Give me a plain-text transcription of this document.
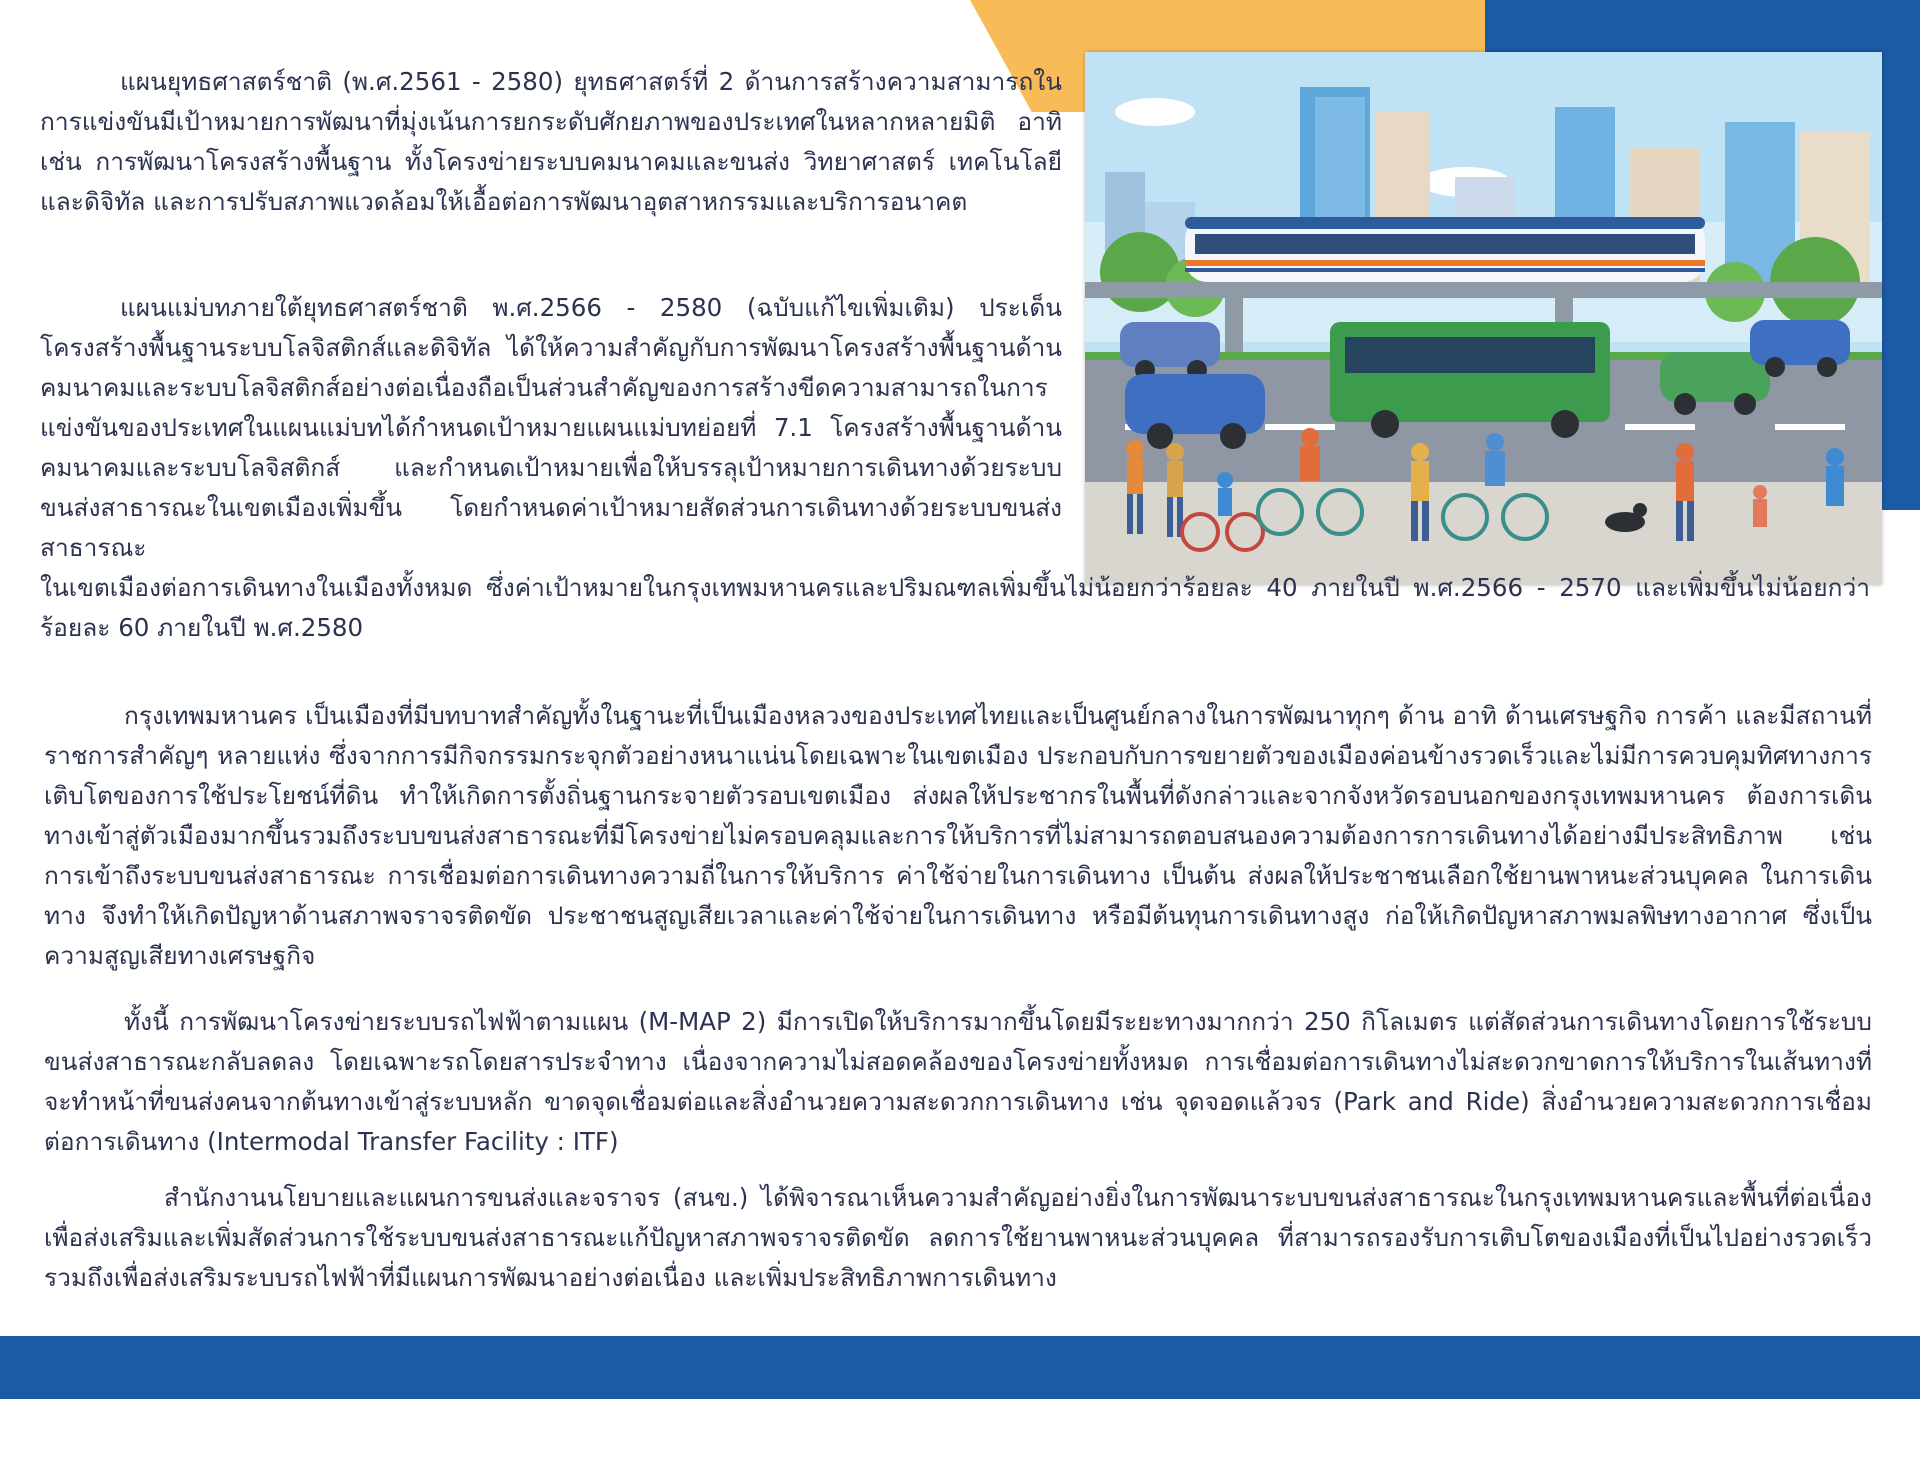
แผนยุทธศาสตร์ชาติ (พ.ศ.2561 - 2580) ยุทธศาสตร์ที่ 2 ด้านการสร้างความสามารถในการแข่งขันมีเป้าหมายการพัฒนาที่มุ่งเน้นการยกระดับศักยภาพของประเทศในหลากหลายมิติ อาทิเช่น การพัฒนาโครงสร้างพื้นฐาน ทั้งโครงข่ายระบบคมนาคมและขนส่ง วิทยาศาสตร์ เทคโนโลยี และดิจิทัล และการปรับสภาพแวดล้อมให้เอื้อต่อการพัฒนาอุตสาหกรรมและบริการอนาคต

แผนแม่บทภายใต้ยุทธศาสตร์ชาติ พ.ศ.2566 - 2580 (ฉบับแก้ไขเพิ่มเติม) ประเด็นโครงสร้างพื้นฐานระบบโลจิสติกส์และดิจิทัล ได้ให้ความสำคัญกับการพัฒนาโครงสร้างพื้นฐานด้านคมนาคมและระบบโลจิสติกส์อย่างต่อเนื่องถือเป็นส่วนสำคัญของการสร้างขีดความสามารถในการแข่งขันของประเทศในแผนแม่บทได้กำหนดเป้าหมายแผนแม่บทย่อยที่ 7.1 โครงสร้างพื้นฐานด้านคมนาคมและระบบโลจิสติกส์ และกำหนดเป้าหมายเพื่อให้บรรลุเป้าหมายการเดินทางด้วยระบบขนส่งสาธารณะในเขตเมืองเพิ่มขึ้น โดยกำหนดค่าเป้าหมายสัดส่วนการเดินทางด้วยระบบขนส่งสาธารณะ
ในเขตเมืองต่อการเดินทางในเมืองทั้งหมด ซึ่งค่าเป้าหมายในกรุงเทพมหานครและปริมณฑลเพิ่มขึ้นไม่น้อยกว่าร้อยละ 40 ภายในปี พ.ศ.2566 - 2570 และเพิ่มขึ้นไม่น้อยกว่าร้อยละ 60 ภายในปี พ.ศ.2580

กรุงเทพมหานคร เป็นเมืองที่มีบทบาทสำคัญทั้งในฐานะที่เป็นเมืองหลวงของประเทศไทยและเป็นศูนย์กลางในการพัฒนาทุกๆ ด้าน อาทิ ด้านเศรษฐกิจ การค้า และมีสถานที่ราชการสำคัญๆ หลายแห่ง ซึ่งจากการมีกิจกรรมกระจุกตัวอย่างหนาแน่นโดยเฉพาะในเขตเมือง ประกอบกับการขยายตัวของเมืองค่อนข้างรวดเร็วและไม่มีการควบคุมทิศทางการเติบโตของการใช้ประโยชน์ที่ดิน ทำให้เกิดการตั้งถิ่นฐานกระจายตัวรอบเขตเมือง ส่งผลให้ประชากรในพื้นที่ดังกล่าวและจากจังหวัดรอบนอกของกรุงเทพมหานคร ต้องการเดินทางเข้าสู่ตัวเมืองมากขึ้นรวมถึงระบบขนส่งสาธารณะที่มีโครงข่ายไม่ครอบคลุมและการให้บริการที่ไม่สามารถตอบสนองความต้องการการเดินทางได้อย่างมีประสิทธิภาพ เช่น การเข้าถึงระบบขนส่งสาธารณะ การเชื่อมต่อการเดินทางความถี่ในการให้บริการ ค่าใช้จ่ายในการเดินทาง เป็นต้น ส่งผลให้ประชาชนเลือกใช้ยานพาหนะส่วนบุคคล ในการเดินทาง จึงทำให้เกิดปัญหาด้านสภาพจราจรติดขัด ประชาชนสูญเสียเวลาและค่าใช้จ่ายในการเดินทาง หรือมีต้นทุนการเดินทางสูง ก่อให้เกิดปัญหาสภาพมลพิษทางอากาศ ซึ่งเป็นความสูญเสียทางเศรษฐกิจ

ทั้งนี้ การพัฒนาโครงข่ายระบบรถไฟฟ้าตามแผน (M-MAP 2) มีการเปิดให้บริการมากขึ้นโดยมีระยะทางมากกว่า 250 กิโลเมตร แต่สัดส่วนการเดินทางโดยการใช้ระบบขนส่งสาธารณะกลับลดลง โดยเฉพาะรถโดยสารประจำทาง เนื่องจากความไม่สอดคล้องของโครงข่ายทั้งหมด การเชื่อมต่อการเดินทางไม่สะดวกขาดการให้บริการในเส้นทางที่จะทำหน้าที่ขนส่งคนจากต้นทางเข้าสู่ระบบหลัก ขาดจุดเชื่อมต่อและสิ่งอำนวยความสะดวกการเดินทาง เช่น จุดจอดแล้วจร (Park and Ride) สิ่งอำนวยความสะดวกการเชื่อมต่อการเดินทาง (Intermodal Transfer Facility : ITF)

สำนักงานนโยบายและแผนการขนส่งและจราจร (สนข.) ได้พิจารณาเห็นความสำคัญอย่างยิ่งในการพัฒนาระบบขนส่งสาธารณะในกรุงเทพมหานครและพื้นที่ต่อเนื่อง เพื่อส่งเสริมและเพิ่มสัดส่วนการใช้ระบบขนส่งสาธารณะแก้ปัญหาสภาพจราจรติดขัด ลดการใช้ยานพาหนะส่วนบุคคล ที่สามารถรองรับการเติบโตของเมืองที่เป็นไปอย่างรวดเร็ว รวมถึงเพื่อส่งเสริมระบบรถไฟฟ้าที่มีแผนการพัฒนาอย่างต่อเนื่อง และเพิ่มประสิทธิภาพการเดินทาง
